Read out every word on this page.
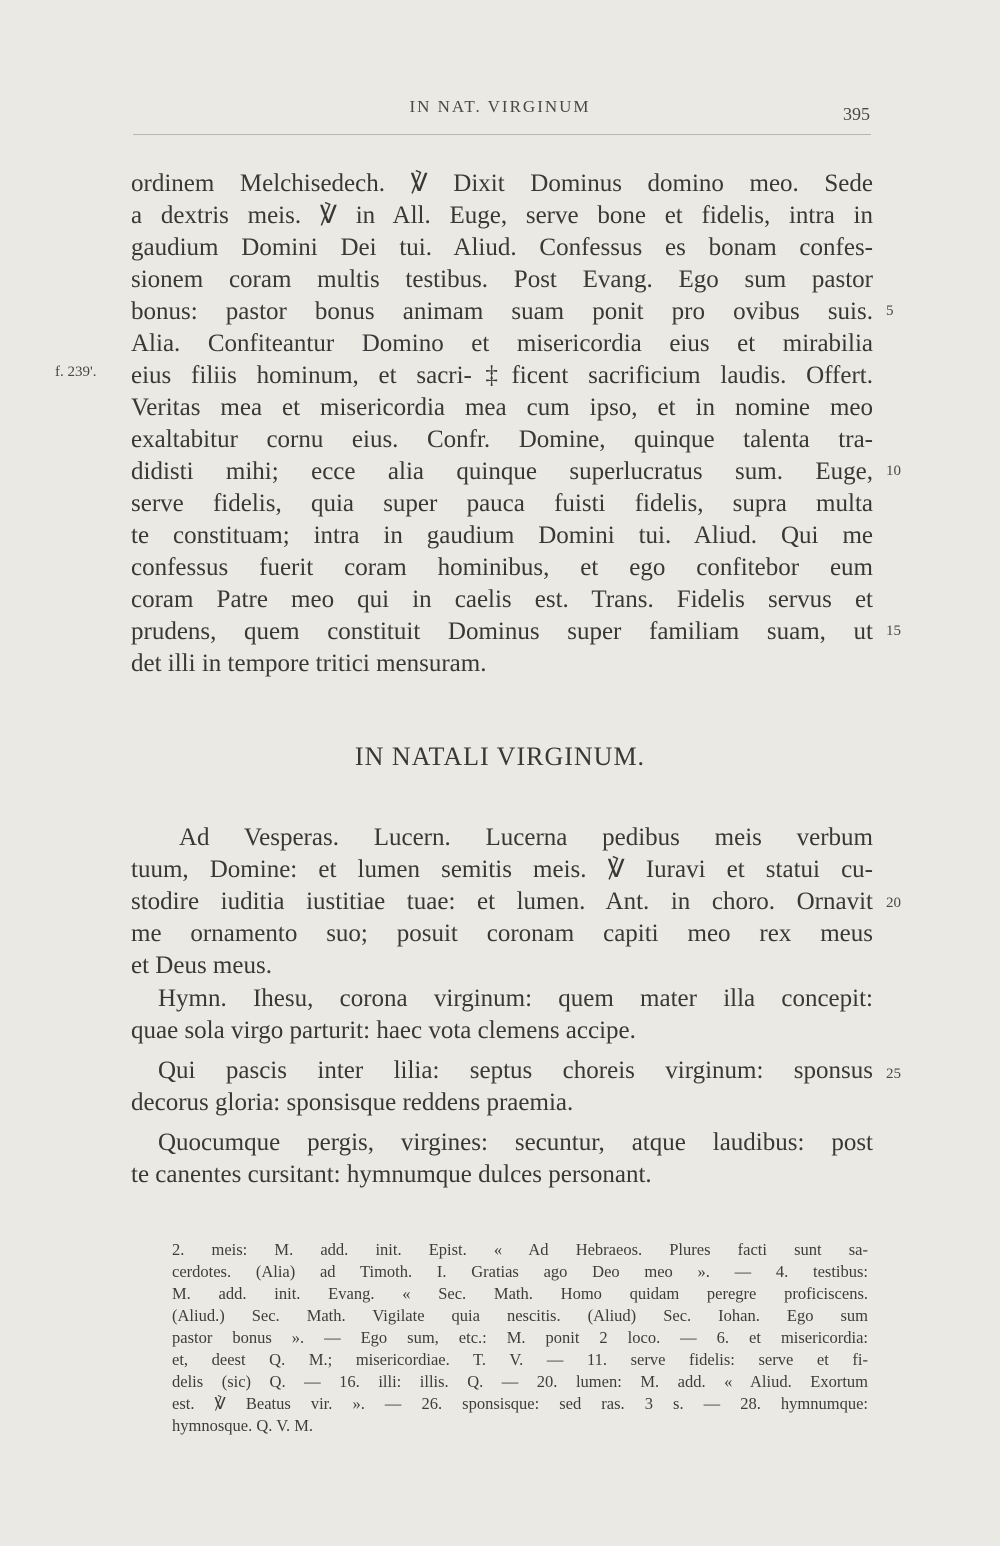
IN NAT. VIRGINUM	395
ordinem Melchisedech. ℣ Dixit Dominus domino meo. Sede
a dextris meis. ℣ in All. Euge, serve bone et fidelis, intra in
gaudium Domini Dei tui. Aliud. Confessus es bonam confes-
sionem coram multis testibus. Post Evang. Ego sum pastor
bonus: pastor bonus animam suam ponit pro ovibus suis.
Alia. Confiteantur Domino et misericordia eius et mirabilia
eius filiis hominum, et sacri-‡ficent sacrificium laudis. Offert.
Veritas mea et misericordia mea cum ipso, et in nomine meo
exaltabitur cornu eius. Confr. Domine, quinque talenta tra-
didisti mihi; ecce alia quinque superlucratus sum. Euge,
serve fidelis, quia super pauca fuisti fidelis, supra multa
te constituam; intra in gaudium Domini tui. Aliud. Qui me
confessus fuerit coram hominibus, et ego confitebor eum
coram Patre meo qui in caelis est. Trans. Fidelis servus et
prudens, quem constituit Dominus super familiam suam, ut
det illi in tempore tritici mensuram.
f. 239'.
5
10
15
20
25
IN NATALI VIRGINUM.
Ad Vesperas. Lucern. Lucerna pedibus meis verbum
tuum, Domine: et lumen semitis meis. ℣ Iuravi et statui cu-
stodire iuditia iustitiae tuae: et lumen. Ant. in choro. Ornavit
me ornamento suo; posuit coronam capiti meo rex meus
et Deus meus.
Hymn. Ihesu, corona virginum: quem mater illa concepit:
quae sola virgo parturit: haec vota clemens accipe.
Qui pascis inter lilia: septus choreis virginum: sponsus
decorus gloria: sponsisque reddens praemia.
Quocumque pergis, virgines: secuntur, atque laudibus: post
te canentes cursitant: hymnumque dulces personant.
2. meis: M. add. init. Epist. « Ad Hebraeos. Plures facti sunt sa-
cerdotes. (Alia) ad Timoth. I. Gratias ago Deo meo ». — 4. testibus:
M. add. init. Evang. « Sec. Math. Homo quidam peregre proficiscens.
(Aliud.) Sec. Math. Vigilate quia nescitis. (Aliud) Sec. Iohan. Ego sum
pastor bonus ». — Ego sum, etc.: M. ponit 2 loco. — 6. et misericordia:
et, deest Q. M.; misericordiae. T. V. — 11. serve fidelis: serve et fi-
delis (sic) Q. — 16. illi: illis. Q. — 20. lumen: M. add. « Aliud. Exortum
est. ℣ Beatus vir. ». — 26. sponsisque: sed ras. 3 s. — 28. hymnumque:
hymnosque. Q. V. M.
